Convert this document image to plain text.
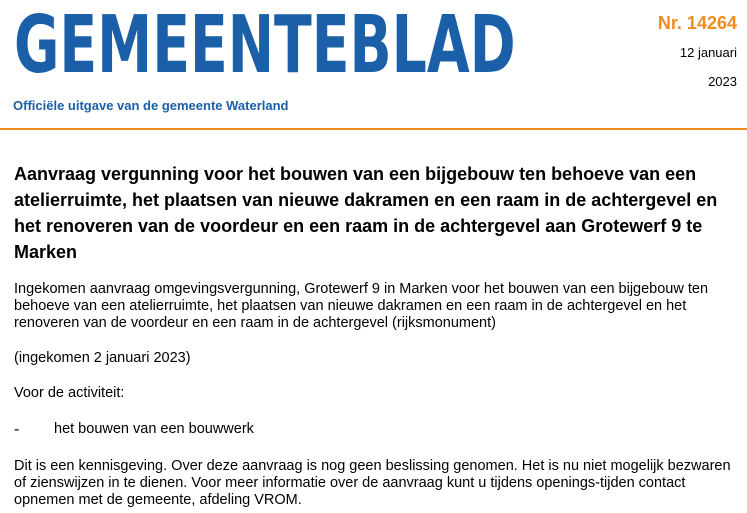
GEMEENTEBLAD
Officiële uitgave van de gemeente Waterland
Nr. 14264
12 januari
2023
Aanvraag vergunning voor het bouwen van een bijgebouw ten behoeve van een atelierruimte, het plaatsen van nieuwe dakramen en een raam in de achtergevel en het renoveren van de voordeur en een raam in de achtergevel aan Grotewerf 9 te Marken

Ingekomen aanvraag omgevingsvergunning, Grotewerf 9 in Marken voor het bouwen van een bijgebouw ten behoeve van een atelierruimte, het plaatsen van nieuwe dakramen en een raam in de achtergevel en het renoveren van de voordeur en een raam in de achtergevel (rijksmonument)

(ingekomen 2 januari 2023)

Voor de activiteit:

-	het bouwen van een bouwwerk

Dit is een kennisgeving. Over deze aanvraag is nog geen beslissing genomen. Het is nu niet mogelijk bezwaren of zienswijzen in te dienen. Voor meer informatie over de aanvraag kunt u tijdens openings-tijden contact opnemen met de gemeente, afdeling VROM.
